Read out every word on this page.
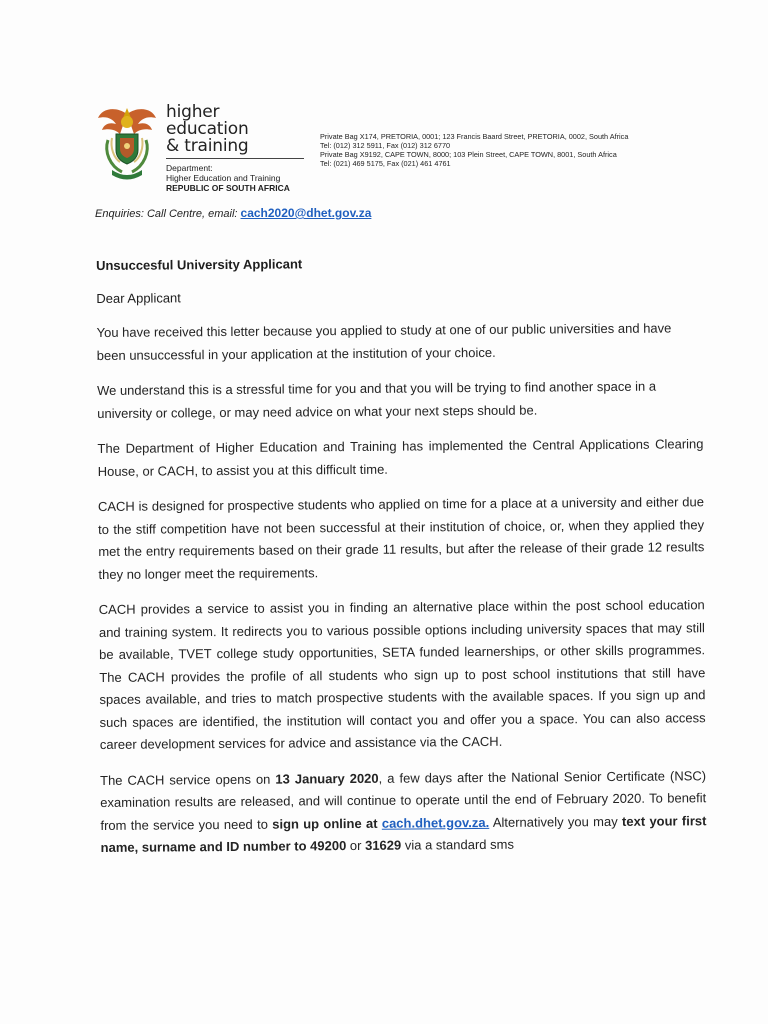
higher education
& training
Department:
Higher Education and Training
REPUBLIC OF SOUTH AFRICA
Private Bag X174, PRETORIA, 0001; 123 Francis Baard Street, PRETORIA, 0002, South Africa
Tel: (012) 312 5911, Fax (012) 312 6770
Private Bag X9192, CAPE TOWN, 8000; 103 Plein Street, CAPE TOWN, 8001, South Africa
Tel: (021) 469 5175, Fax (021) 461 4761
Enquiries: Call Centre, email: cach2020@dhet.gov.za
Unsuccesful University Applicant
Dear Applicant

You have received this letter because you applied to study at one of our public universities and have been unsuccessful in your application at the institution of your choice.

We understand this is a stressful time for you and that you will be trying to find another space in a university or college, or may need advice on what your next steps should be.

The Department of Higher Education and Training has implemented the Central Applications Clearing House, or CACH, to assist you at this difficult time.

CACH is designed for prospective students who applied on time for a place at a university and either due to the stiff competition have not been successful at their institution of choice, or, when they applied they met the entry requirements based on their grade 11 results, but after the release of their grade 12 results they no longer meet the requirements.

CACH provides a service to assist you in finding an alternative place within the post school education and training system. It redirects you to various possible options including university spaces that may still be available, TVET college study opportunities, SETA funded learnerships, or other skills programmes. The CACH provides the profile of all students who sign up to post school institutions that still have spaces available, and tries to match prospective students with the available spaces. If you sign up and such spaces are identified, the institution will contact you and offer you a space. You can also access career development services for advice and assistance via the CACH.

The CACH service opens on 13 January 2020, a few days after the National Senior Certificate (NSC) examination results are released, and will continue to operate until the end of February 2020. To benefit from the service you need to sign up online at cach.dhet.gov.za. Alternatively you may text your first name, surname and ID number to 49200 or 31629 via a standard sms
